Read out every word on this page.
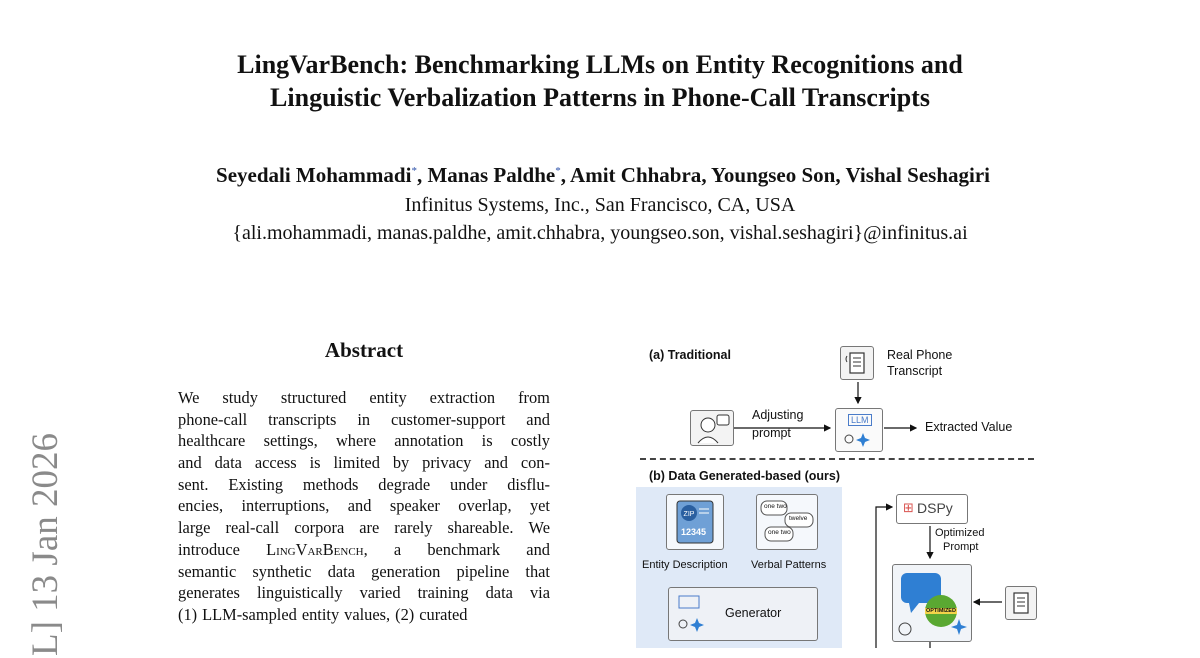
LingVarBench: Benchmarking LLMs on Entity Recognitions and
Linguistic Verbalization Patterns in Phone-Call Transcripts
Seyedali Mohammadi*, Manas Paldhe*, Amit Chhabra, Youngseo Son, Vishal Seshagiri
Infinitus Systems, Inc., San Francisco, CA, USA
{ali.mohammadi, manas.paldhe, amit.chhabra, youngseo.son, vishal.seshagiri}@infinitus.ai
L] 13 Jan 2026
Abstract
We study structured entity extraction from
phone-call transcripts in customer-support and
healthcare settings, where annotation is costly
and data access is limited by privacy and con-
sent. Existing methods degrade under disflu-
encies, interruptions, and speaker overlap, yet
large real-call corpora are rarely shareable. We
introduce LingVarBench, a benchmark and
semantic synthetic data generation pipeline that
generates linguistically varied training data via
(1) LLM-sampled entity values, (2) curated
(a) Traditional	Real Phone
Transcript
Adjusting
prompt
LLM	Extracted Value
(b) Data Generated-based (ours)
ZIP
12345
one two
twelve
one two
Entity Description Verbal Patterns
Generator
⊞ DSPy
Optimized
Prompt
OPTIMIZED
